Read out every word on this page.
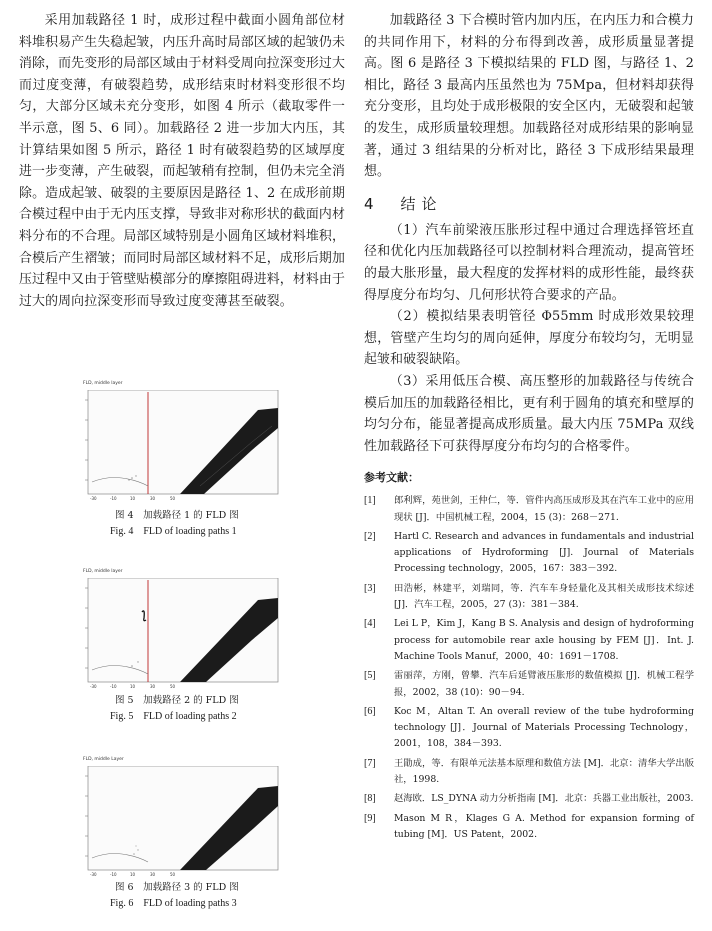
采用加载路径 1 时，成形过程中截面小圆角部位材料堆积易产生失稳起皱，内压升高时局部区域的起皱仍未消除，而先变形的局部区域由于材料受周向拉深变形过大而过度变薄，有破裂趋势，成形结束时材料变形很不均匀，大部分区域未充分变形，如图 4 所示（截取零件一半示意，图 5、6 同）。加载路径 2 进一步加大内压，其计算结果如图 5 所示，路径 1 时有破裂趋势的区域厚度进一步变薄，产生破裂，而起皱稍有控制，但仍未完全消除。造成起皱、破裂的主要原因是路径 1、2 在成形前期合模过程中由于无内压支撑，导致非对称形状的截面内材料分布的不合理。局部区域特别是小圆角区域材料堆积，合模后产生褶皱；而同时局部区域材料不足，成形后期加压过程中又由于管壁贴模部分的摩擦阻碍进料，材料由于过大的周向拉深变形而导致过度变薄甚至破裂。

FLD, middle layer
-30	-10	10	30	50
图 4　加载路径 1 的 FLD 图
Fig. 4　FLD of loading paths 1
FLD, middle layer
-30	-10	10	30	50
图 5　加载路径 2 的 FLD 图
Fig. 5　FLD of loading paths 2
FLD, middle Layer
-30	-10	10	30	50
图 6　加载路径 3 的 FLD 图
Fig. 6　FLD of loading paths 3

加载路径 3 下合模时管内加内压，在内压力和合模力的共同作用下，材料的分布得到改善，成形质量显著提高。图 6 是路径 3 下模拟结果的 FLD 图，与路径 1、2 相比，路径 3 最高内压虽然也为 75Mpa，但材料却获得充分变形，且均处于成形极限的安全区内，无破裂和起皱的发生，成形质量较理想。加载路径对成形结果的影响显著，通过 3 组结果的分析对比，路径 3 下成形结果最理想。

4　结论

（1）汽车前梁液压胀形过程中通过合理选择管坯直径和优化内压加载路径可以控制材料合理流动，提高管坯的最大胀形量，最大程度的发挥材料的成形性能，最终获得厚度分布均匀、几何形状符合要求的产品。

（2）模拟结果表明管径 Φ55mm 时成形效果较理想，管壁产生均匀的周向延伸，厚度分布较均匀，无明显起皱和破裂缺陷。

（3）采用低压合模、高压整形的加载路径与传统合模后加压的加载路径相比，更有利于圆角的填充和壁厚的均匀分布，能显著提高成形质量。最大内压 75MPa 双线性加载路径下可获得厚度分布均匀的合格零件。

参考文献：
[1]	郎利辉，苑世剑，王仲仁，等．管件内高压成形及其在汽车工业中的应用现状 [J]．中国机械工程，2004，15 (3)：268－271.
[2]	Hartl C. Research and advances in fundamentals and industrial applications of Hydroforming [J]. Journal of Materials Processing technology，2005，167：383－392.
[3]	田浩彬，林建平，刘瑞同，等．汽车车身轻量化及其相关成形技术综述 [J]．汽车工程，2005，27 (3)：381－384.
[4]	Lei L P，Kim J，Kang B S. Analysis and design of hydroforming process for automobile rear axle housing by FEM [J]．Int. J. Machine Tools Manuf，2000，40：1691－1708.
[5]	雷丽萍，方刚，曾攀．汽车后延臂液压胀形的数值模拟 [J]．机械工程学报，2002，38 (10)：90－94.
[6]	Koc M，Altan T. An overall review of the tube hydroforming technology [J]．Journal of Materials Processing Technology，2001，108，384－393.
[7]	王勖成，等．有限单元法基本原理和数值方法 [M]．北京：清华大学出版社，1998.
[8]	赵海欧．LS_DYNA 动力分析指南 [M]．北京：兵器工业出版社，2003.
[9]	Mason M R，Klages G A. Method for expansion forming of tubing [M]．US Patent，2002.
